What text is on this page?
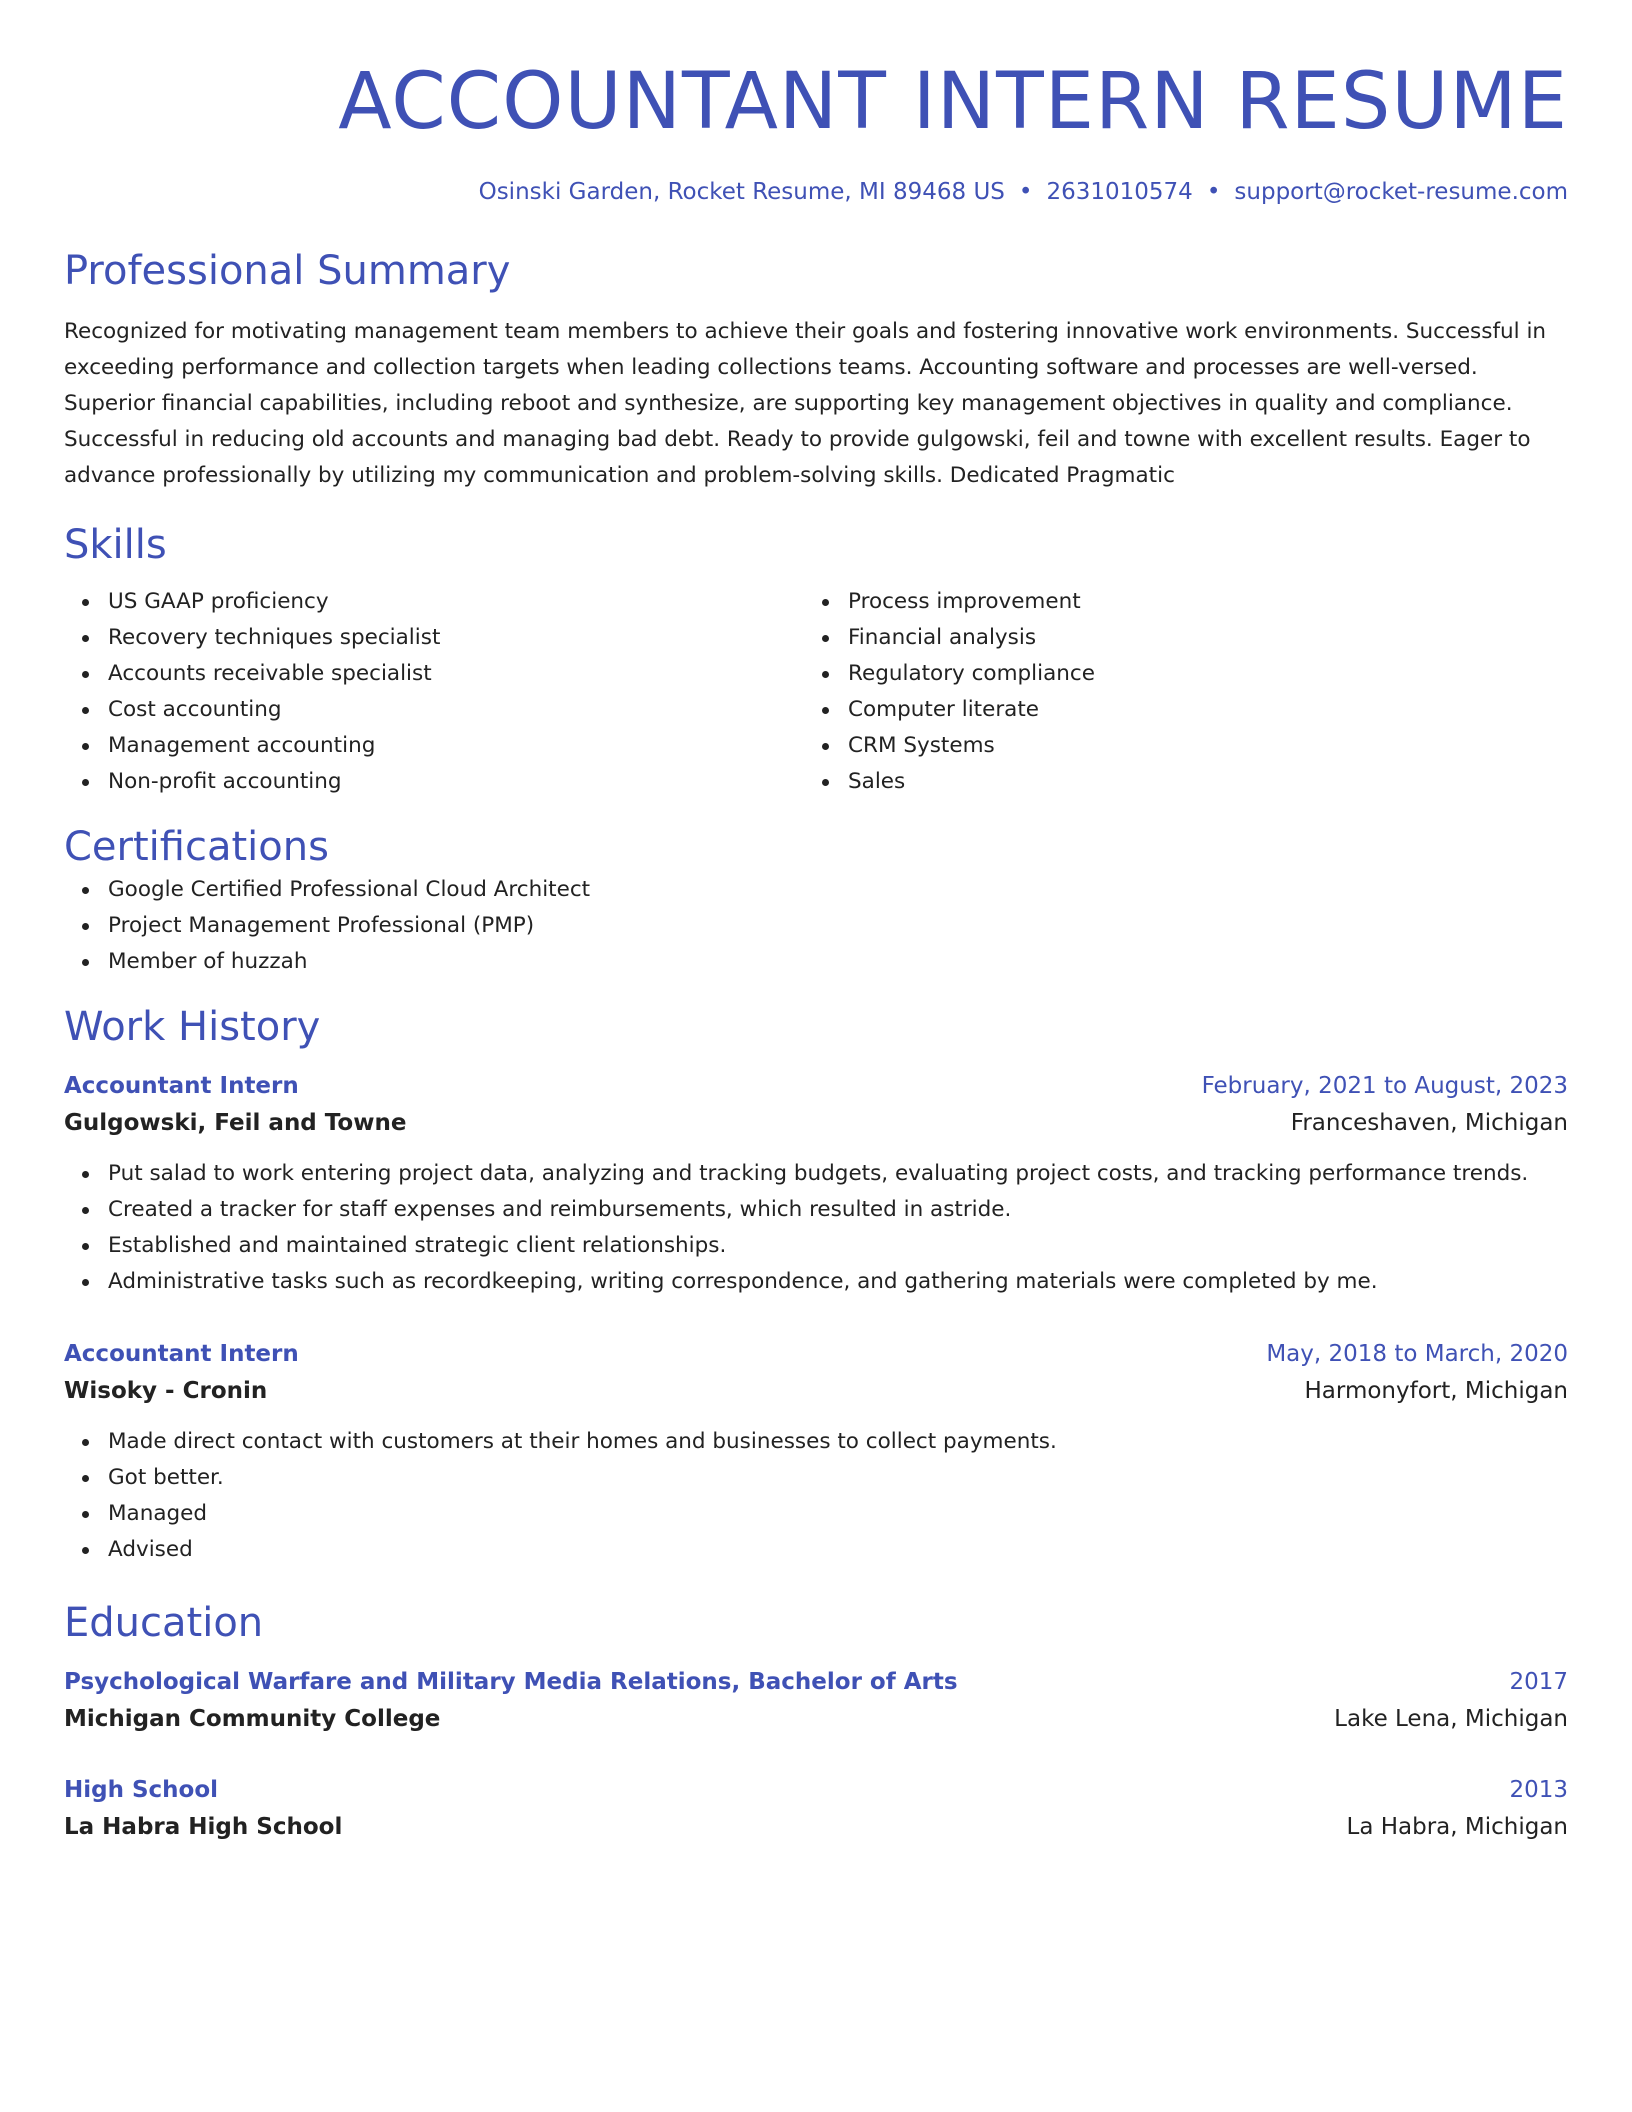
ACCOUNTANT INTERN RESUME
Osinski Garden, Rocket Resume, MI 89468 US • 2631010574 • support@rocket-resume.com
Professional Summary

Recognized for motivating management team members to achieve their goals and fostering innovative work environments. Successful in exceeding performance and collection targets when leading collections teams. Accounting software and processes are well-versed. Superior financial capabilities, including reboot and synthesize, are supporting key management objectives in quality and compliance. Successful in reducing old accounts and managing bad debt. Ready to provide gulgowski, feil and towne with excellent results. Eager to advance professionally by utilizing my communication and problem-solving skills. Dedicated Pragmatic

Skills
US GAAP proficiency
Recovery techniques specialist
Accounts receivable specialist
Cost accounting
Management accounting
Non-profit accounting
Process improvement
Financial analysis
Regulatory compliance
Computer literate
CRM Systems
Sales
Certifications
Google Certified Professional Cloud Architect
Project Management Professional (PMP)
Member of huzzah
Work History
Accountant Intern	February, 2021 to August, 2023
Gulgowski, Feil and Towne	Franceshaven, Michigan
Put salad to work entering project data, analyzing and tracking budgets, evaluating project costs, and tracking performance trends.
Created a tracker for staff expenses and reimbursements, which resulted in astride.
Established and maintained strategic client relationships.
Administrative tasks such as recordkeeping, writing correspondence, and gathering materials were completed by me.
Accountant Intern	May, 2018 to March, 2020
Wisoky - Cronin	Harmonyfort, Michigan
Made direct contact with customers at their homes and businesses to collect payments.
Got better.
Managed
Advised
Education
Psychological Warfare and Military Media Relations, Bachelor of Arts	2017
Michigan Community College	Lake Lena, Michigan
High School	2013
La Habra High School	La Habra, Michigan
